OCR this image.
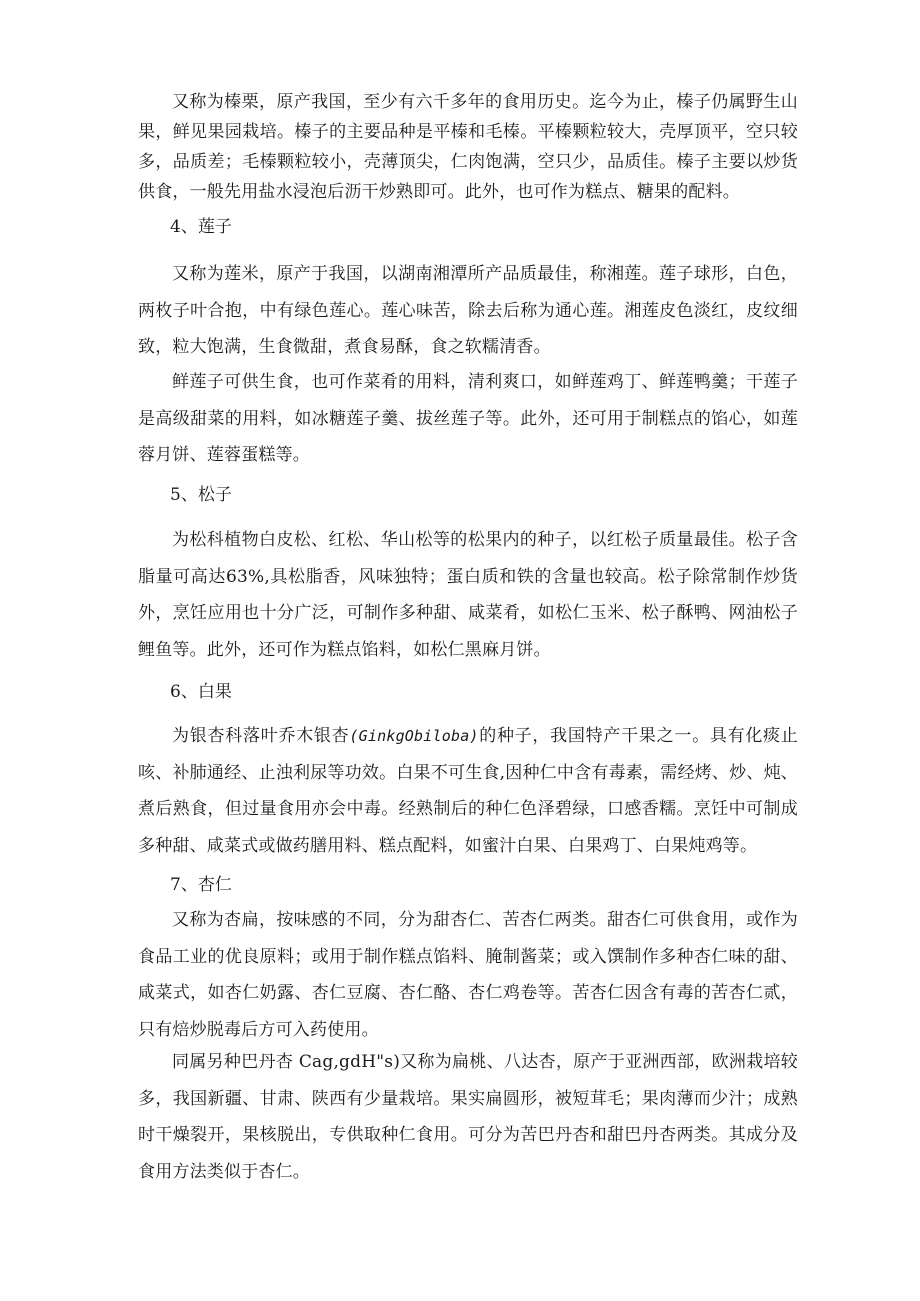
又称为榛栗，原产我国，至少有六千多年的食用历史。迄今为止，榛子仍属野生山果，鲜见果园栽培。榛子的主要品种是平榛和毛榛。平榛颗粒较大，壳厚顶平，空只较多，品质差；毛榛颗粒较小，壳薄顶尖，仁肉饱满，空只少，品质佳。榛子主要以炒货供食，一般先用盐水浸泡后沥干炒熟即可。此外，也可作为糕点、糖果的配料。

4、莲子

又称为莲米，原产于我国，以湖南湘潭所产品质最佳，称湘莲。莲子球形，白色，两枚子叶合抱，中有绿色莲心。莲心味苦，除去后称为通心莲。湘莲皮色淡红，皮纹细致，粒大饱满，生食微甜，煮食易酥，食之软糯清香。

鲜莲子可供生食，也可作菜肴的用料，清利爽口，如鲜莲鸡丁、鲜莲鸭羹；干莲子是高级甜菜的用料，如冰糖莲子羹、拔丝莲子等。此外，还可用于制糕点的馅心，如莲蓉月饼、莲蓉蛋糕等。

5、松子

为松科植物白皮松、红松、华山松等的松果内的种子，以红松子质量最佳。松子含脂量可高达63%,具松脂香，风味独特；蛋白质和铁的含量也较高。松子除常制作炒货外，烹饪应用也十分广泛，可制作多种甜、咸菜肴，如松仁玉米、松子酥鸭、网油松子鲤鱼等。此外，还可作为糕点馅料，如松仁黑麻月饼。

6、白果

为银杏科落叶乔木银杏(GinkgObiloba)的种子，我国特产干果之一。具有化痰止咳、补肺通经、止浊利尿等功效。白果不可生食,因种仁中含有毒素，需经烤、炒、炖、煮后熟食，但过量食用亦会中毒。经熟制后的种仁色泽碧绿，口感香糯。烹饪中可制成多种甜、咸菜式或做药膳用料、糕点配料，如蜜汁白果、白果鸡丁、白果炖鸡等。

7、杏仁

又称为杏扁，按味感的不同，分为甜杏仁、苦杏仁两类。甜杏仁可供食用，或作为食品工业的优良原料；或用于制作糕点馅料、腌制酱菜；或入馔制作多种杏仁味的甜、咸菜式，如杏仁奶露、杏仁豆腐、杏仁酪、杏仁鸡卷等。苦杏仁因含有毒的苦杏仁贰，只有焙炒脱毒后方可入药使用。

同属另种巴丹杏 Cag,gdH"s)又称为扁桃、八达杏，原产于亚洲西部，欧洲栽培较多，我国新疆、甘肃、陕西有少量栽培。果实扁圆形，被短茸毛；果肉薄而少汁；成熟时干燥裂开，果核脱出，专供取种仁食用。可分为苦巴丹杏和甜巴丹杏两类。其成分及食用方法类似于杏仁。
